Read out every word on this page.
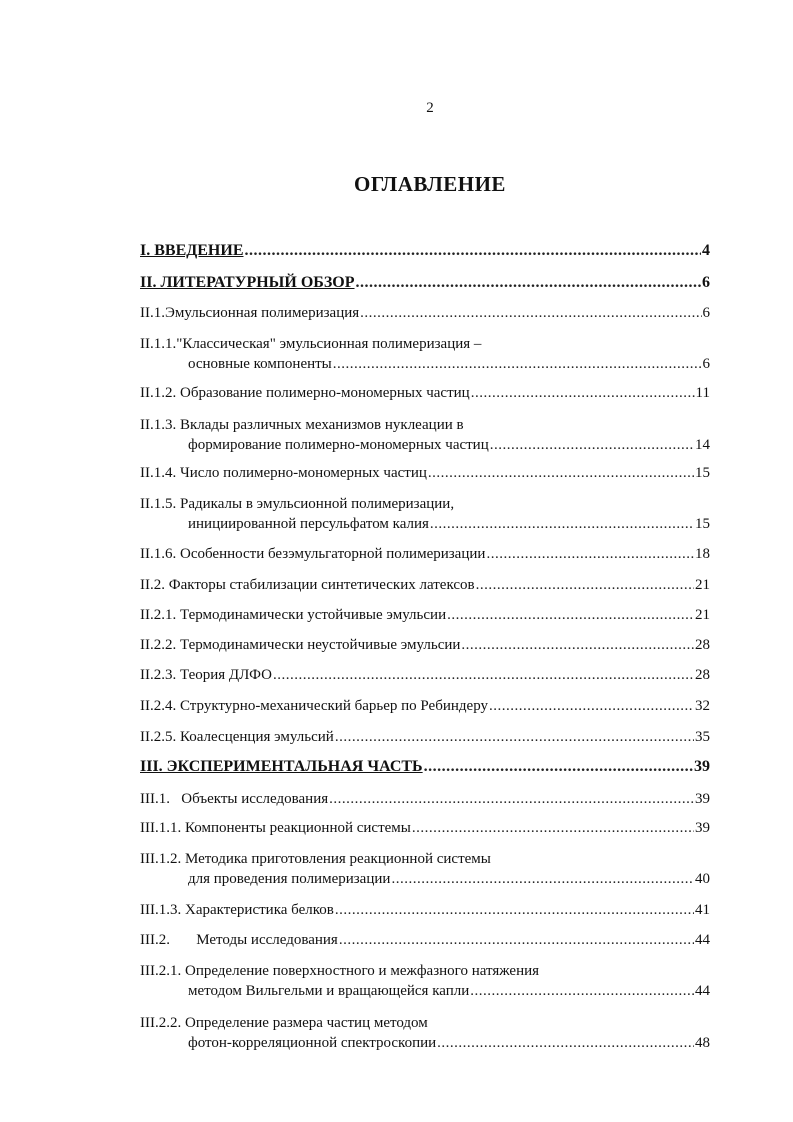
2
ОГЛАВЛЕНИЕ
I. ВВЕДЕНИЕ .....	4
II. ЛИТЕРАТУРНЫЙ ОБЗОР .....	6
II.1.Эмульсионная полимеризация .....	6
II.1.1."Классическая" эмульсионная полимеризация –
основные компоненты .....	6
II.1.2. Образование полимерно-мономерных частиц .....	11
II.1.3. Вклады различных механизмов нуклеации в
формирование полимерно-мономерных частиц .....	14
II.1.4. Число полимерно-мономерных частиц .....	15
II.1.5. Радикалы в эмульсионной полимеризации,
инициированной персульфатом калия .....	15
II.1.6. Особенности безэмульгаторной полимеризации .....	18
II.2. Факторы стабилизации синтетических латексов .....	21
II.2.1. Термодинамически устойчивые эмульсии .....	21
II.2.2. Термодинамически неустойчивые эмульсии .....	28
II.2.3. Теория ДЛФО .....	28
II.2.4. Структурно-механический барьер по Ребиндеру .....	32
II.2.5. Коалесценция эмульсий .....	35
III. ЭКСПЕРИМЕНТАЛЬНАЯ ЧАСТЬ .....	39
III.1.   Объекты исследования .....	39
III.1.1. Компоненты реакционной системы .....	39
III.1.2. Методика приготовления реакционной системы
для проведения полимеризации .....	40
III.1.3. Характеристика белков .....	41
III.2.       Методы исследования .....	44
III.2.1. Определение поверхностного и межфазного натяжения
методом Вильгельми и вращающейся капли .....	44
III.2.2. Определение размера частиц методом
фотон-корреляционной спектроскопии .....	48
